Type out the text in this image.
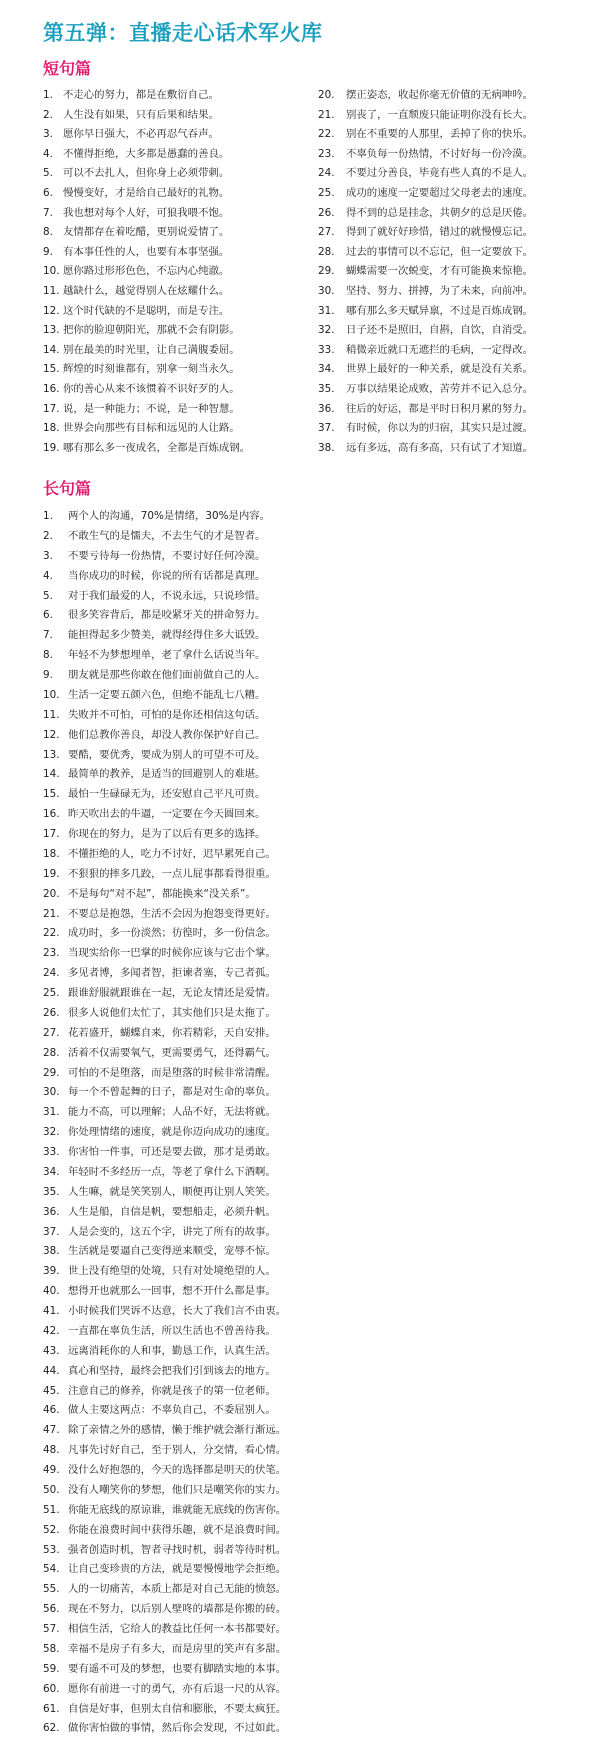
第五弹：直播走心话术军火库
短句篇
1. 不走心的努力，都是在敷衍自己。
2. 人生没有如果，只有后果和结果。
3. 愿你早日强大，不必再忍气吞声。
4. 不懂得拒绝，大多都是愚蠢的善良。
5. 可以不去扎人，但你身上必须带刺。
6. 慢慢变好，才是给自己最好的礼物。
7. 我也想对每个人好，可狼我喂不饱。
8. 友情都存在着吃醋，更别说爱情了。
9. 有本事任性的人，也要有本事坚强。
10. 愿你路过形形色色，不忘内心纯澈。
11. 越缺什么，越觉得别人在炫耀什么。
12. 这个时代缺的不是聪明，而是专注。
13. 把你的脸迎朝阳光，那就不会有阴影。
14. 别在最美的时光里，让自己满腹委屈。
15. 辉煌的时刻谁都有，别拿一刻当永久。
16. 你的善心从来不该惯着不识好歹的人。
17. 说，是一种能力；不说，是一种智慧。
18. 世界会向那些有目标和远见的人让路。
19. 哪有那么多一夜成名，全都是百炼成钢。
20. 摆正姿态，收起你毫无价值的无病呻吟。
21. 别丧了，一直颓废只能证明你没有长大。
22. 别在不重要的人那里，丢掉了你的快乐。
23. 不辜负每一份热情，不讨好每一份冷漠。
24. 不要过分善良，毕竟有些人真的不是人。
25. 成功的速度一定要超过父母老去的速度。
26. 得不到的总是挂念，共朝夕的总是厌倦。
27. 得到了就好好珍惜，错过的就慢慢忘记。
28. 过去的事情可以不忘记，但一定要放下。
29. 蝴蝶需要一次蜕变，才有可能换来惊艳。
30. 坚持、努力、拼搏，为了未来，向前冲。
31. 哪有那么多天赋异禀，不过是百炼成钢。
32. 日子还不是照旧，自斟，自饮，自消受。
33. 稍微亲近就口无遮拦的毛病，一定得改。
34. 世界上最好的一种关系，就是没有关系。
35. 万事以结果论成败，苦劳并不记入总分。
36. 往后的好运，都是平时日积月累的努力。
37. 有时候，你以为的归宿，其实只是过渡。
38. 远有多远，高有多高，只有试了才知道。
长句篇
1. 两个人的沟通，70%是情绪，30%是内容。
2. 不敢生气的是懦夫，不去生气的才是智者。
3. 不要亏待每一份热情，不要讨好任何冷漠。
4. 当你成功的时候，你说的所有话都是真理。
5. 对于我们最爱的人，不说永远，只说珍惜。
6. 很多笑容背后，都是咬紧牙关的拼命努力。
7. 能担得起多少赞美，就得经得住多大诋毁。
8. 年轻不为梦想埋单，老了拿什么话说当年。
9. 朋友就是那些你敢在他们面前做自己的人。
10. 生活一定要五颜六色，但绝不能乱七八糟。
11. 失败并不可怕，可怕的是你还相信这句话。
12. 他们总教你善良，却没人教你保护好自己。
13. 要酷，要优秀，要成为别人的可望不可及。
14. 最简单的教养，是适当的回避别人的难堪。
15. 最怕一生碌碌无为，还安慰自己平凡可贵。
16. 昨天吹出去的牛逼，一定要在今天圆回来。
17. 你现在的努力，是为了以后有更多的选择。
18. 不懂拒绝的人，吃力不讨好，迟早累死自己。
19. 不狠狠的摔多几跤，一点儿屁事都看得很重。
20. 不是每句“对不起”，都能换来“没关系”。
21. 不要总是抱怨，生活不会因为抱怨变得更好。
22. 成功时，多一份淡然；彷徨时，多一份信念。
23. 当现实给你一巴掌的时候你应该与它击个掌。
24. 多见者博，多闻者智，拒谏者塞，专己者孤。
25. 跟谁舒服就跟谁在一起，无论友情还是爱情。
26. 很多人说他们太忙了，其实他们只是太拖了。
27. 花若盛开，蝴蝶自来，你若精彩，天自安排。
28. 活着不仅需要氧气，更需要勇气，还得霸气。
29. 可怕的不是堕落，而是堕落的时候非常清醒。
30. 每一个不曾起舞的日子，都是对生命的辜负。
31. 能力不高，可以理解；人品不好，无法将就。
32. 你处理情绪的速度，就是你迈向成功的速度。
33. 你害怕一件事，可还是要去做，那才是勇敢。
34. 年轻时不多经历一点，等老了拿什么下酒啊。
35. 人生嘛，就是笑笑别人，顺便再让别人笑笑。
36. 人生是船，自信是帆，要想船走，必须升帆。
37. 人是会变的，这五个字，讲完了所有的故事。
38. 生活就是要逼自己变得逆来顺受，宠辱不惊。
39. 世上没有绝望的处境，只有对处境绝望的人。
40. 想得开也就那么一回事，想不开什么都是事。
41. 小时候我们哭诉不达意，长大了我们言不由衷。
42. 一直都在辜负生活，所以生活也不曾善待我。
43. 远离消耗你的人和事，勤恳工作，认真生活。
44. 真心和坚持，最终会把我们引到该去的地方。
45. 注意自己的修养，你就是孩子的第一位老师。
46. 做人主要这两点：不辜负自己，不委屈别人。
47. 除了亲情之外的感情，懒于维护就会渐行渐远。
48. 凡事先讨好自己，至于别人，分交情，看心情。
49. 没什么好抱怨的，今天的选择都是明天的伏笔。
50. 没有人嘲笑你的梦想，他们只是嘲笑你的实力。
51. 你能无底线的原谅谁，谁就能无底线的伤害你。
52. 你能在浪费时间中获得乐趣，就不是浪费时间。
53. 强者创造时机，智者寻找时机，弱者等待时机。
54. 让自己变珍贵的方法，就是要慢慢地学会拒绝。
55. 人的一切痛苦，本质上都是对自己无能的愤怒。
56. 现在不努力，以后别人壁咚的墙都是你搬的砖。
57. 相信生活，它给人的教益比任何一本书都要好。
58. 幸福不是房子有多大，而是房里的笑声有多甜。
59. 要有遥不可及的梦想，也要有脚踏实地的本事。
60. 愿你有前进一寸的勇气，亦有后退一尺的从容。
61. 自信是好事，但别太自信和膨胀，不要太疯狂。
62. 做你害怕做的事情，然后你会发现，不过如此。
